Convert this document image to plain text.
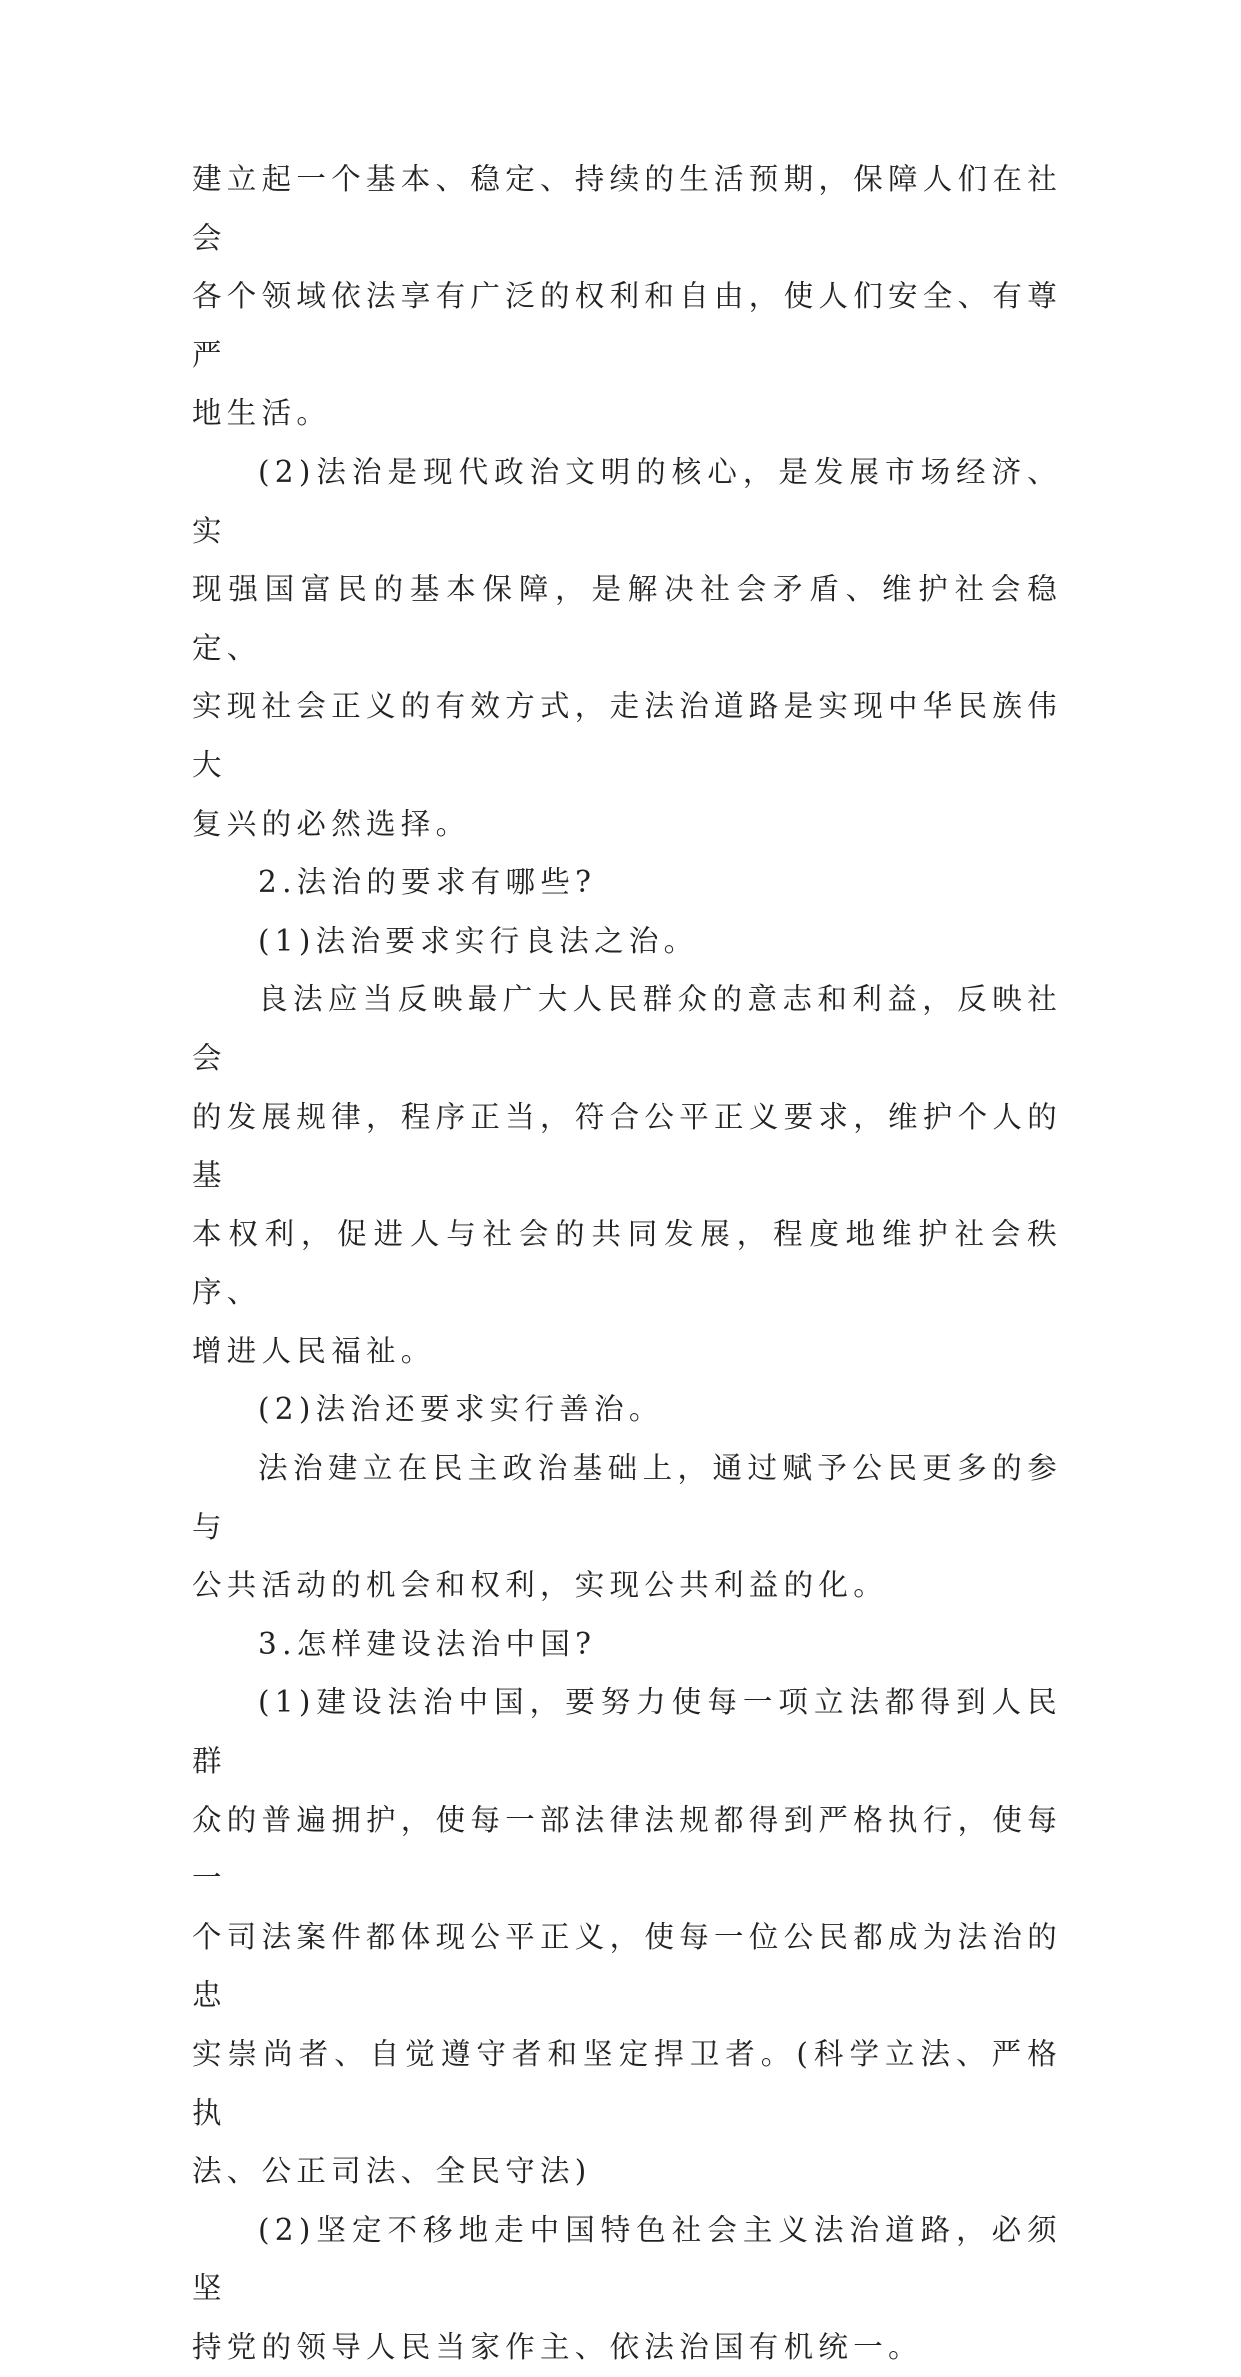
建立起一个基本、稳定、持续的生活预期，保障人们在社会
各个领域依法享有广泛的权利和自由，使人们安全、有尊严
地生活。

(2)法治是现代政治文明的核心，是发展市场经济、实
现强国富民的基本保障，是解决社会矛盾、维护社会稳定、
实现社会正义的有效方式，走法治道路是实现中华民族伟大
复兴的必然选择。

2.法治的要求有哪些?

(1)法治要求实行良法之治。

良法应当反映最广大人民群众的意志和利益，反映社会
的发展规律，程序正当，符合公平正义要求，维护个人的基
本权利，促进人与社会的共同发展，程度地维护社会秩序、
增进人民福祉。

(2)法治还要求实行善治。

法治建立在民主政治基础上，通过赋予公民更多的参与
公共活动的机会和权利，实现公共利益的化。

3.怎样建设法治中国?

(1)建设法治中国，要努力使每一项立法都得到人民群
众的普遍拥护，使每一部法律法规都得到严格执行，使每一
个司法案件都体现公平正义，使每一位公民都成为法治的忠
实崇尚者、自觉遵守者和坚定捍卫者。(科学立法、严格执
法、公正司法、全民守法)

(2)坚定不移地走中国特色社会主义法治道路，必须坚
持党的领导人民当家作主、依法治国有机统一。
